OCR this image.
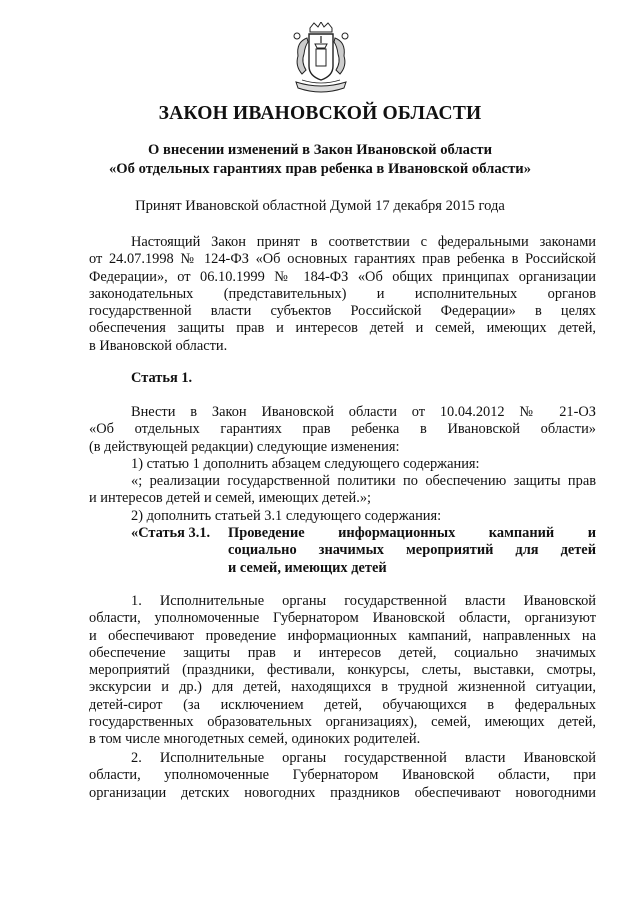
ЗАКОН ИВАНОВСКОЙ ОБЛАСТИ
О внесении изменений в Закон Ивановской области
«Об отдельных гарантиях прав ребенка в Ивановской области»
Принят Ивановской областной Думой 17 декабря 2015 года
Настоящий Закон принят в соответствии с федеральными законами
от 24.07.1998 № 124-ФЗ «Об основных гарантиях прав ребенка в Российской
Федерации», от 06.10.1999 № 184-ФЗ «Об общих принципах организации
законодательных (представительных) и исполнительных органов
государственной власти субъектов Российской Федерации» в целях
обеспечения защиты прав и интересов детей и семей, имеющих детей,
в Ивановской области.
Статья 1.
Внести в Закон Ивановской области от 10.04.2012 № 21-ОЗ
«Об отдельных гарантиях прав ребенка в Ивановской области»
(в действующей редакции) следующие изменения:
1) статью 1 дополнить абзацем следующего содержания:
«; реализации государственной политики по обеспечению защиты прав
и интересов детей и семей, имеющих детей.»;
2) дополнить статьей 3.1 следующего содержания:
«Статья 3.1. Проведение информационных кампаний и
социально значимых мероприятий для детей
и семей, имеющих детей
1. Исполнительные органы государственной власти Ивановской
области, уполномоченные Губернатором Ивановской области, организуют
и обеспечивают проведение информационных кампаний, направленных на
обеспечение защиты прав и интересов детей, социально значимых
мероприятий (праздники, фестивали, конкурсы, слеты, выставки, смотры,
экскурсии и др.) для детей, находящихся в трудной жизненной ситуации,
детей-сирот (за исключением детей, обучающихся в федеральных
государственных образовательных организациях), семей, имеющих детей,
в том числе многодетных семей, одиноких родителей.
2. Исполнительные органы государственной власти Ивановской
области, уполномоченные Губернатором Ивановской области, при
организации детских новогодних праздников обеспечивают новогодними
